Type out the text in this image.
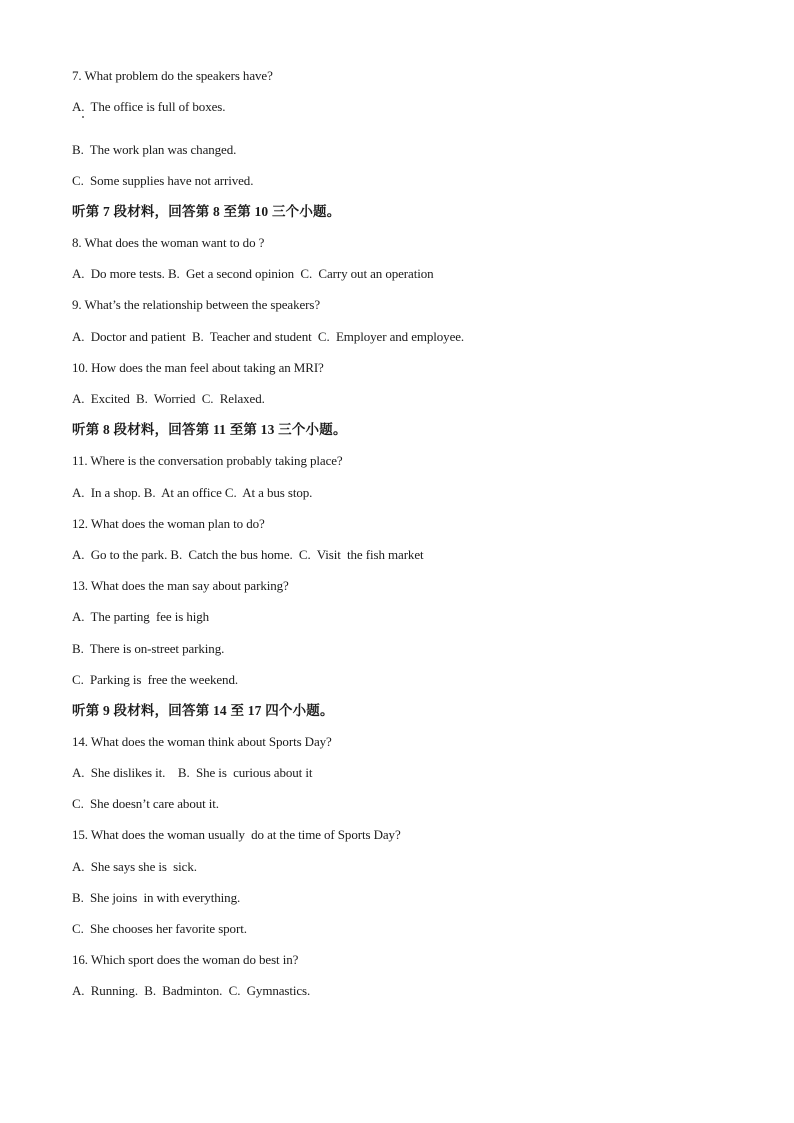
7. What problem do the speakers have?
A.  The office is full of boxes.
B.  The work plan was changed.
C.  Some supplies have not arrived.
听第 7 段材料，回答第 8 至第 10 三个小题。
8. What does the woman want to do ?
A.  Do more tests. B.  Get a second opinion  C.  Carry out an operation
9. What’s the relationship between the speakers?
A.  Doctor and patient  B.  Teacher and student  C.  Employer and employee.
10. How does the man feel about taking an MRI?
A.  Excited  B.  Worried  C.  Relaxed.
听第 8 段材料，回答第 11 至第 13 三个小题。
11. Where is the conversation probably taking place?
A.  In a shop. B.  At an office C.  At a bus stop.
12. What does the woman plan to do?
A.  Go to the park. B.  Catch the bus home.  C.  Visit  the fish market
13. What does the man say about parking?
A.  The parting  fee is high
B.  There is on-street parking.
C.  Parking is  free the weekend.
听第 9 段材料，回答第 14 至 17 四个小题。
14. What does the woman think about Sports Day?
A.  She dislikes it.    B.  She is  curious about it
C.  She doesn’t care about it.
15. What does the woman usually  do at the time of Sports Day?
A.  She says she is  sick.
B.  She joins  in with everything.
C.  She chooses her favorite sport.
16. Which sport does the woman do best in?
A.  Running.  B.  Badminton.  C.  Gymnastics.
